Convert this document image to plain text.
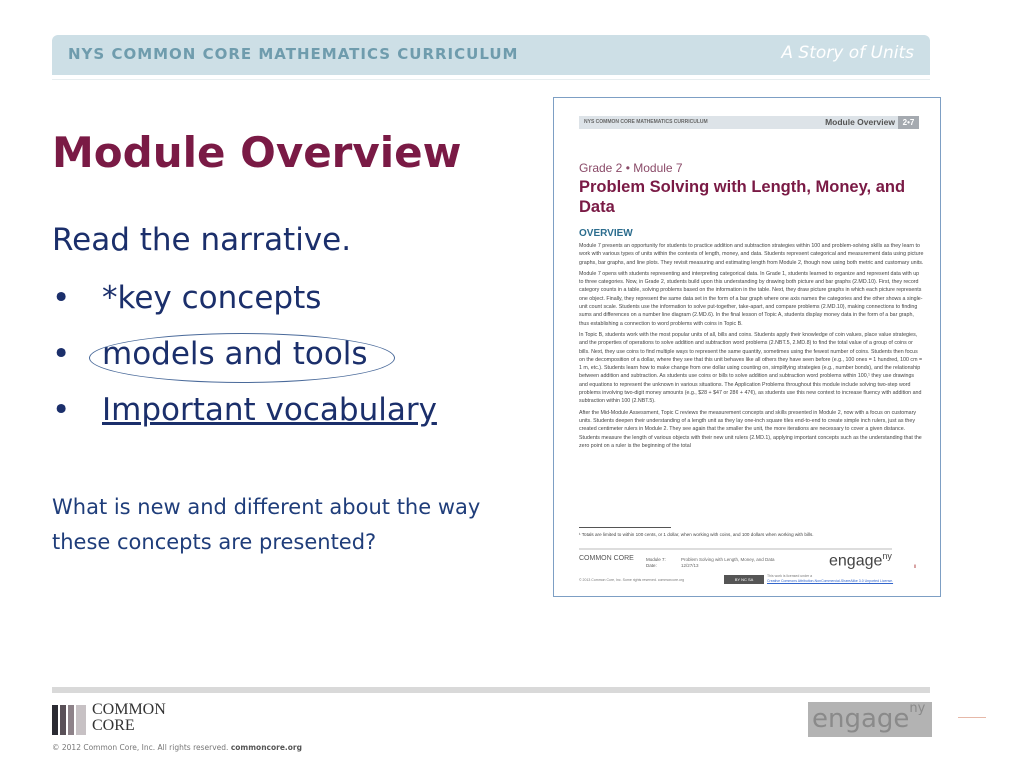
NYS COMMON CORE MATHEMATICS CURRICULUM	A Story of Units
Module Overview
Read the narrative.
• *key concepts
• models and tools
• Important vocabulary
What is new and different about the way these concepts are presented?
NYS COMMON CORE MATHEMATICS CURRICULUM	Module Overview 2•7
Grade 2 • Module 7
Problem Solving with Length, Money, and Data
OVERVIEW

Module 7 presents an opportunity for students to practice addition and subtraction strategies within 100 and problem-solving skills as they learn to work with various types of units within the contexts of length, money, and data. Students represent categorical and measurement data using picture graphs, bar graphs, and line plots. They revisit measuring and estimating length from Module 2, though now using both metric and customary units.

Module 7 opens with students representing and interpreting categorical data. In Grade 1, students learned to organize and represent data with up to three categories. Now, in Grade 2, students build upon this understanding by drawing both picture and bar graphs (2.MD.10). First, they record category counts in a table, solving problems based on the information in the table. Next, they draw picture graphs in which each picture represents one object. Finally, they represent the same data set in the form of a bar graph where one axis names the categories and the other shows a single-unit count scale. Students use the information to solve put-together, take-apart, and compare problems (2.MD.10), making connections to finding sums and differences on a number line diagram (2.MD.6). In the final lesson of Topic A, students display money data in the form of a bar graph, thus establishing a connection to word problems with coins in Topic B.

In Topic B, students work with the most popular units of all, bills and coins. Students apply their knowledge of coin values, place value strategies, and the properties of operations to solve addition and subtraction word problems (2.NBT.5, 2.MD.8) to find the total value of a group of coins or bills. Next, they use coins to find multiple ways to represent the same quantity, sometimes using the fewest number of coins. Students then focus on the decomposition of a dollar, where they see that this unit behaves like all others they have seen before (e.g., 100 ones = 1 hundred, 100 cm = 1 m, etc.). Students learn how to make change from one dollar using counting on, simplifying strategies (e.g., number bonds), and the relationship between addition and subtraction. As students use coins or bills to solve addition and subtraction word problems within 100,¹ they use drawings and equations to represent the unknown in various situations. The Application Problems throughout this module include solving two-step word problems involving two-digit money amounts (e.g., $28 + $47 or 28¢ + 47¢), as students use this new context to increase fluency with addition and subtraction within 100 (2.NBT.5).

After the Mid-Module Assessment, Topic C reviews the measurement concepts and skills presented in Module 2, now with a focus on customary units. Students deepen their understanding of a length unit as they lay one-inch square tiles end-to-end to create simple inch rulers, just as they created centimeter rulers in Module 2. They see again that the smaller the unit, the more iterations are necessary to cover a given distance. Students measure the length of various objects with their new unit rulers (2.MD.1), applying important concepts such as the understanding that the zero point on a ruler is the beginning of the total

¹ Totals are limited to within 100 cents, or 1 dollar, when working with coins, and 100 dollars when working with bills.
COMMON CORE	Module 7:
Date:
Problem Solving with Length, Money, and Data
12/27/13	engage$^{ny}$
ii
© 2013 Common Core, Inc. Some rights reserved. commoncore.org	BY NC SA
This work is licensed under a
Creative Commons Attribution-NonCommercial-ShareAlike 3.0 Unported License.
COMMON
CORE
© 2012 Common Core, Inc. All rights reserved. commoncore.org
engage$^{ny}$
